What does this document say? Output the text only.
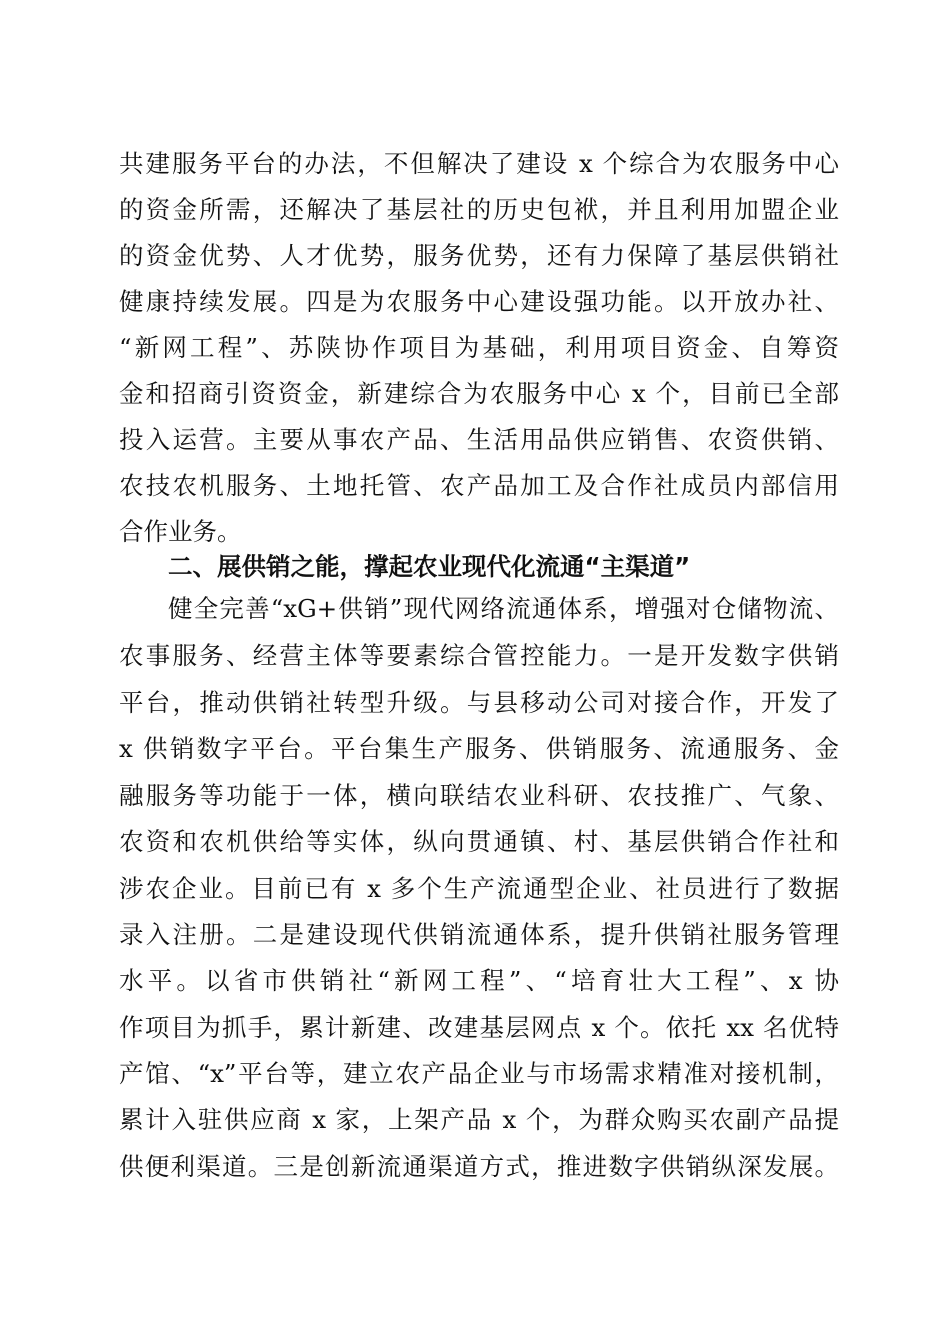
共建服务平台的办法，不但解决了建设 x 个综合为农服务中心
的资金所需，还解决了基层社的历史包袱，并且利用加盟企业
的资金优势、人才优势，服务优势，还有力保障了基层供销社
健康持续发展。四是为农服务中心建设强功能。以开放办社、
“新网工程”、苏陕协作项目为基础，利用项目资金、自筹资
金和招商引资资金，新建综合为农服务中心 x 个，目前已全部
投入运营。主要从事农产品、生活用品供应销售、农资供销、
农技农机服务、土地托管、农产品加工及合作社成员内部信用
合作业务。
二、展供销之能，撑起农业现代化流通“主渠道”
健全完善“xG+供销”现代网络流通体系，增强对仓储物流、
农事服务、经营主体等要素综合管控能力。一是开发数字供销
平台，推动供销社转型升级。与县移动公司对接合作，开发了
x 供销数字平台。平台集生产服务、供销服务、流通服务、金
融服务等功能于一体，横向联结农业科研、农技推广、气象、
农资和农机供给等实体，纵向贯通镇、村、基层供销合作社和
涉农企业。目前已有 x 多个生产流通型企业、社员进行了数据
录入注册。二是建设现代供销流通体系，提升供销社服务管理
水平。以省市供销社“新网工程”、“培育壮大工程”、x 协
作项目为抓手，累计新建、改建基层网点 x 个。依托 xx 名优特
产馆、“x”平台等，建立农产品企业与市场需求精准对接机制，
累计入驻供应商 x 家，上架产品 x 个，为群众购买农副产品提
供便利渠道。三是创新流通渠道方式，推进数字供销纵深发展。
